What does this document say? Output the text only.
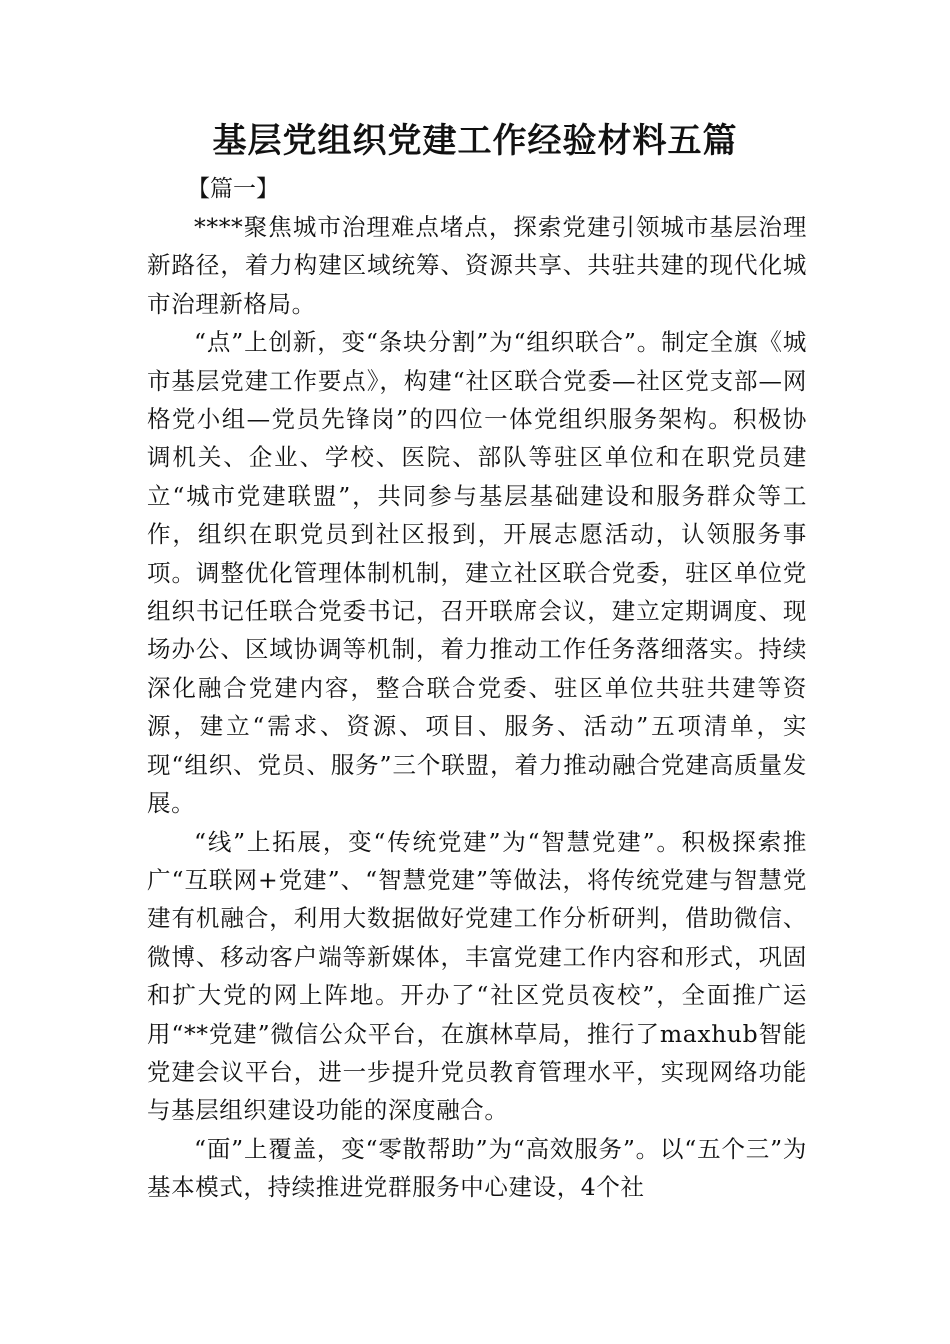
基层党组织党建工作经验材料五篇

【篇一】

****聚焦城市治理难点堵点，探索党建引领城市基层治理新路径，着力构建区域统筹、资源共享、共驻共建的现代化城市治理新格局。

“点”上创新，变“条块分割”为“组织联合”。制定全旗《城市基层党建工作要点》，构建“社区联合党委—社区党支部—网格党小组—党员先锋岗”的四位一体党组织服务架构。积极协调机关、企业、学校、医院、部队等驻区单位和在职党员建立“城市党建联盟”，共同参与基层基础建设和服务群众等工作，组织在职党员到社区报到，开展志愿活动，认领服务事项。调整优化管理体制机制，建立社区联合党委，驻区单位党组织书记任联合党委书记，召开联席会议，建立定期调度、现场办公、区域协调等机制，着力推动工作任务落细落实。持续深化融合党建内容，整合联合党委、驻区单位共驻共建等资源，建立“需求、资源、项目、服务、活动”五项清单，实现“组织、党员、服务”三个联盟，着力推动融合党建高质量发展。

“线”上拓展，变“传统党建”为“智慧党建”。积极探索推广“互联网+党建”、“智慧党建”等做法，将传统党建与智慧党建有机融合，利用大数据做好党建工作分析研判，借助微信、微博、移动客户端等新媒体，丰富党建工作内容和形式，巩固和扩大党的网上阵地。开办了“社区党员夜校”，全面推广运用“**党建”微信公众平台，在旗林草局，推行了maxhub智能党建会议平台，进一步提升党员教育管理水平，实现网络功能与基层组织建设功能的深度融合。

“面”上覆盖，变“零散帮助”为“高效服务”。以“五个三”为基本模式，持续推进党群服务中心建设，4个社
